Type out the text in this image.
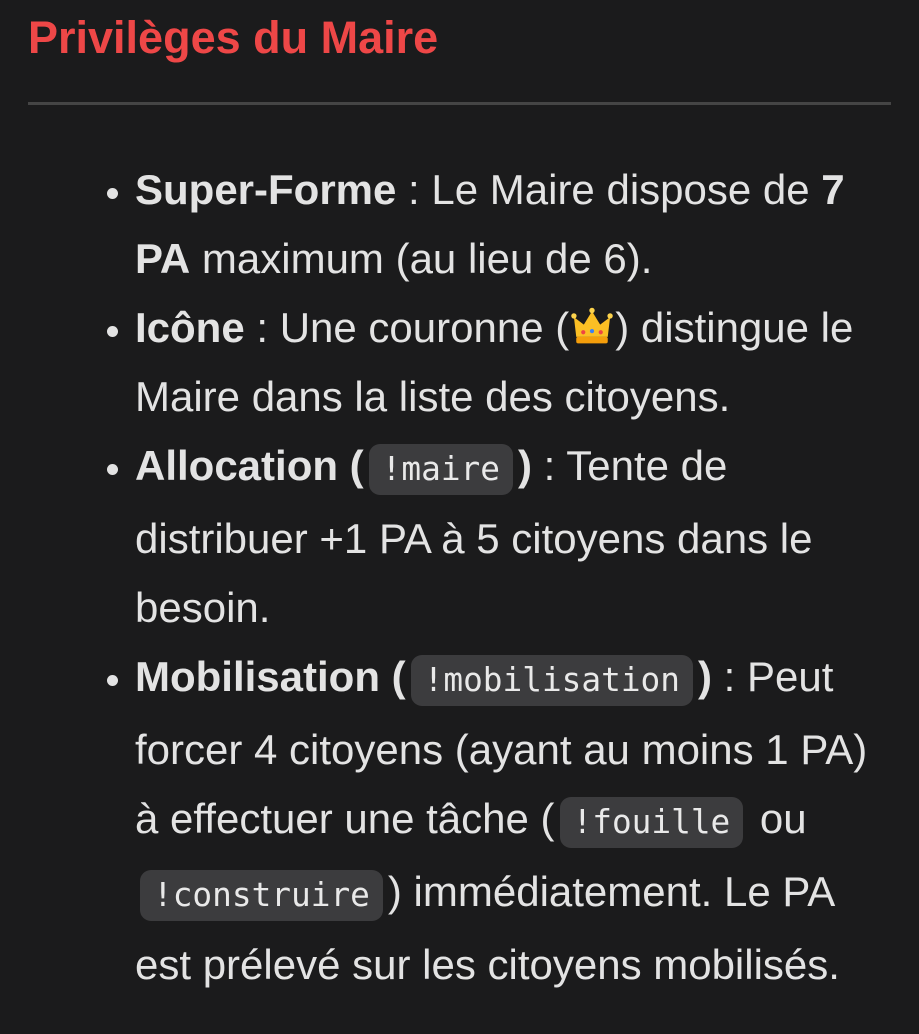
Privilèges du Maire
• Super-Forme : Le Maire dispose de 7 PA maximum (au lieu de 6).
• Icône : Une couronne ( ) distingue le Maire dans la liste des citoyens.
• Allocation ( !maire ) : Tente de distribuer +1 PA à 5 citoyens dans le besoin.
• Mobilisation ( !mobilisation ) : Peut forcer 4 citoyens (ayant au moins 1 PA) à effectuer une tâche ( !fouille ou !construire ) immédiatement. Le PA est prélevé sur les citoyens mobilisés.
